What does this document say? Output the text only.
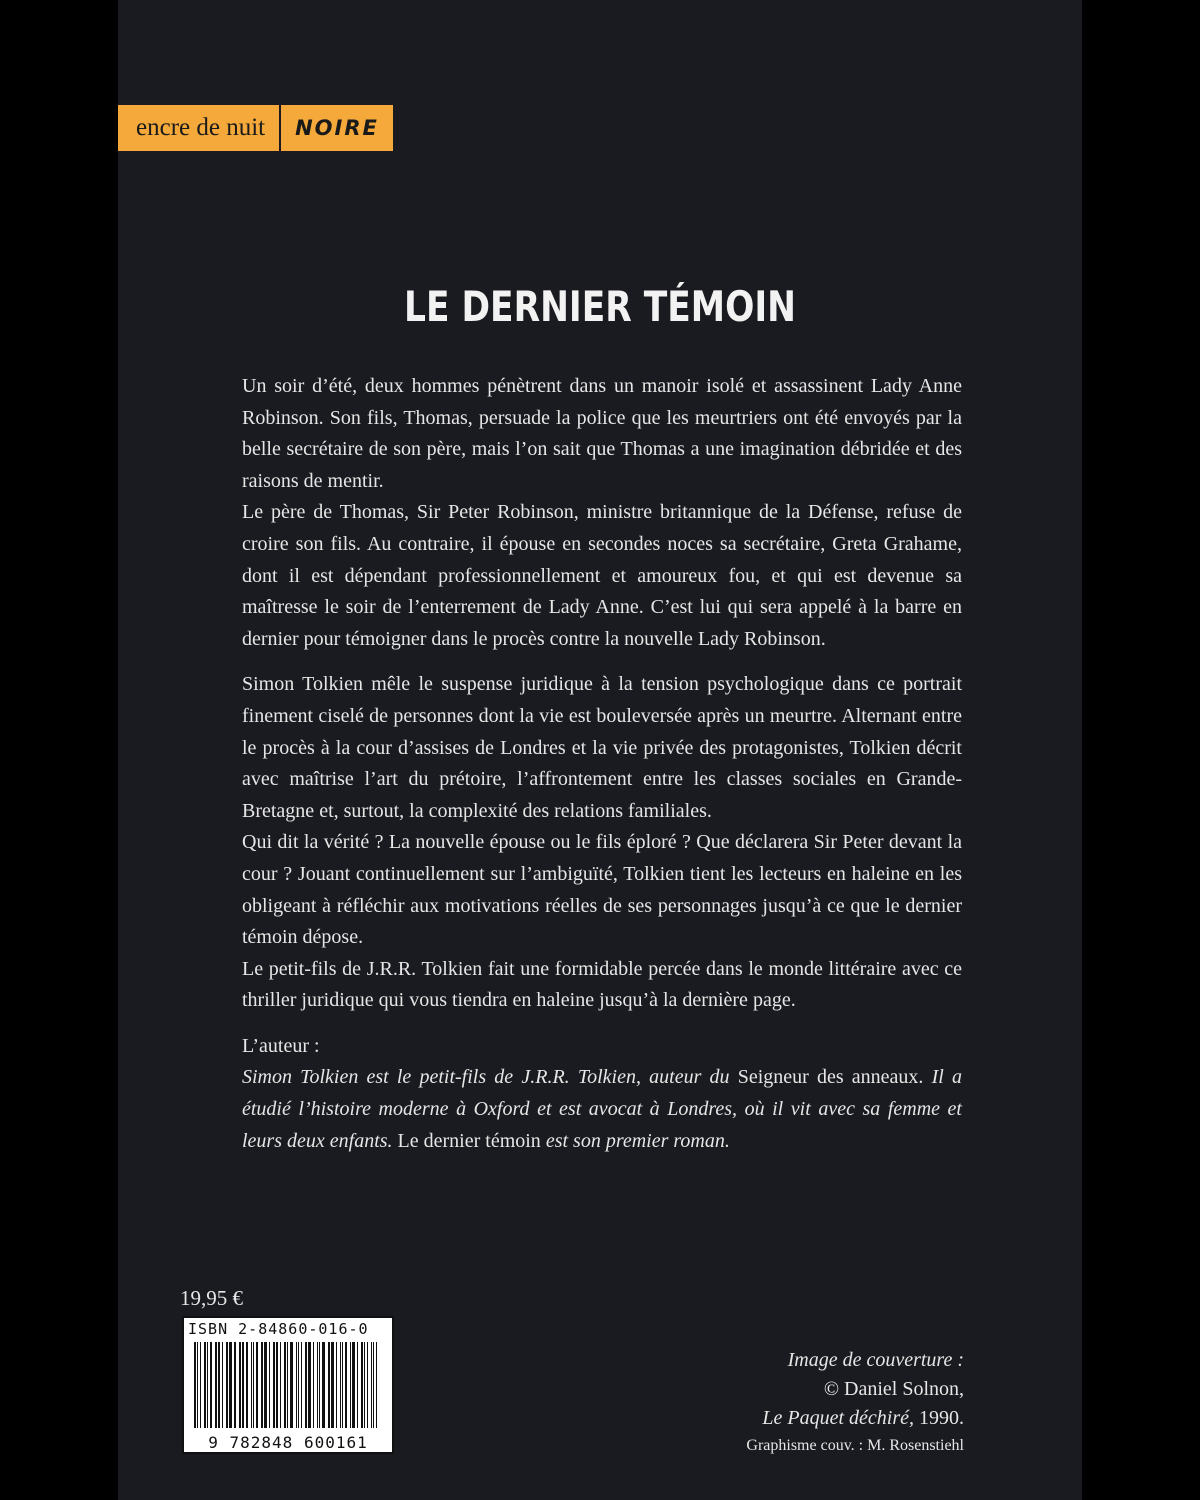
encre de nuit	NOIRE
LE DERNIER TÉMOIN

Un soir d’été, deux hommes pénètrent dans un manoir isolé et assassinent Lady Anne Robinson. Son fils, Thomas, persuade la police que les meurtriers ont été envoyés par la belle secrétaire de son père, mais l’on sait que Thomas a une imagination débridée et des raisons de mentir.

Le père de Thomas, Sir Peter Robinson, ministre britannique de la Défense, refuse de croire son fils. Au contraire, il épouse en secondes noces sa secrétaire, Greta Grahame, dont il est dépendant professionnellement et amoureux fou, et qui est devenue sa maîtresse le soir de l’enterrement de Lady Anne. C’est lui qui sera appelé à la barre en dernier pour témoigner dans le procès contre la nouvelle Lady Robinson.

Simon Tolkien mêle le suspense juridique à la tension psychologique dans ce portrait finement ciselé de personnes dont la vie est bouleversée après un meurtre. Alternant entre le procès à la cour d’assises de Londres et la vie privée des protagonistes, Tolkien décrit avec maîtrise l’art du prétoire, l’affrontement entre les classes sociales en Grande-Bretagne et, surtout, la complexité des relations familiales.

Qui dit la vérité ? La nouvelle épouse ou le fils éploré ? Que déclarera Sir Peter devant la cour ? Jouant continuellement sur l’ambiguïté, Tolkien tient les lecteurs en haleine en les obligeant à réfléchir aux motivations réelles de ses personnages jusqu’à ce que le dernier témoin dépose.

Le petit-fils de J.R.R. Tolkien fait une formidable percée dans le monde littéraire avec ce thriller juridique qui vous tiendra en haleine jusqu’à la dernière page.

L’auteur :

Simon Tolkien est le petit-fils de J.R.R. Tolkien, auteur du Seigneur des anneaux. Il a étudié l’histoire moderne à Oxford et est avocat à Londres, où il vit avec sa femme et leurs deux enfants. Le dernier témoin est son premier roman.

19,95 €
ISBN 2-84860-016-0
9 782848 600161
Image de couverture :
© Daniel Solnon,
Le Paquet déchiré, 1990.
Graphisme couv. : M. Rosenstiehl
